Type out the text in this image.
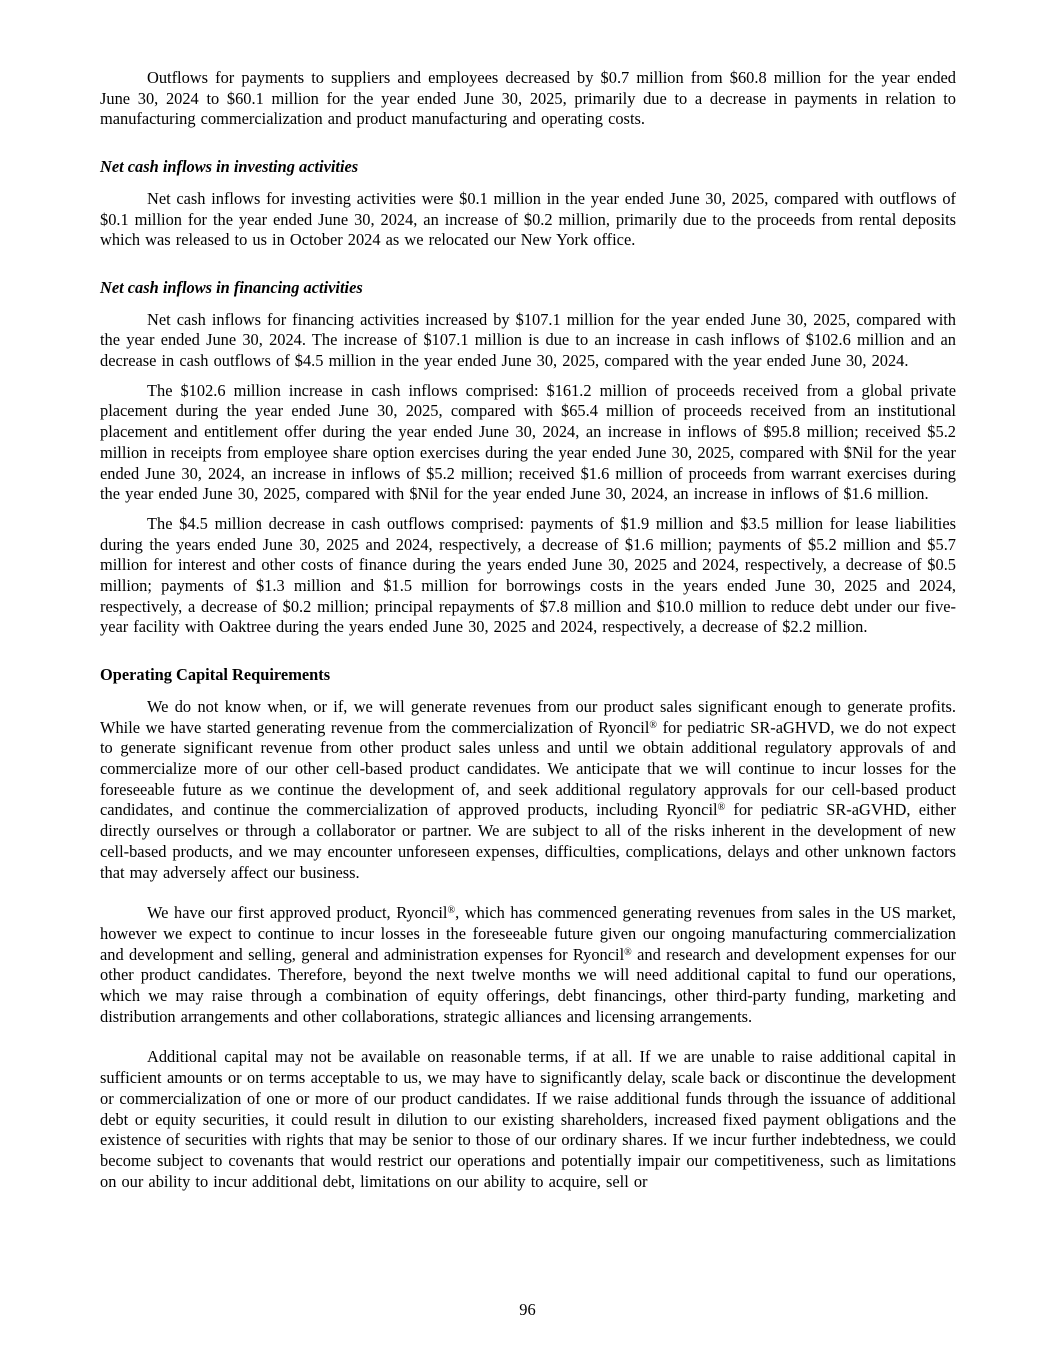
Outflows for payments to suppliers and employees decreased by $0.7 million from $60.8 million for the year ended June 30, 2024 to $60.1 million for the year ended June 30, 2025, primarily due to a decrease in payments in relation to manufacturing commercialization and product manufacturing and operating costs.

Net cash inflows in investing activities

Net cash inflows for investing activities were $0.1 million in the year ended June 30, 2025, compared with outflows of $0.1 million for the year ended June 30, 2024, an increase of $0.2 million, primarily due to the proceeds from rental deposits which was released to us in October 2024 as we relocated our New York office.

Net cash inflows in financing activities

Net cash inflows for financing activities increased by $107.1 million for the year ended June 30, 2025, compared with the year ended June 30, 2024. The increase of $107.1 million is due to an increase in cash inflows of $102.6 million and an decrease in cash outflows of $4.5 million in the year ended June 30, 2025, compared with the year ended June 30, 2024.

The $102.6 million increase in cash inflows comprised: $161.2 million of proceeds received from a global private placement during the year ended June 30, 2025, compared with $65.4 million of proceeds received from an institutional placement and entitlement offer during the year ended June 30, 2024, an increase in inflows of $95.8 million; received $5.2 million in receipts from employee share option exercises during the year ended June 30, 2025, compared with $Nil for the year ended June 30, 2024, an increase in inflows of $5.2 million; received $1.6 million of proceeds from warrant exercises during the year ended June 30, 2025, compared with $Nil for the year ended June 30, 2024, an increase in inflows of $1.6 million.

The $4.5 million decrease in cash outflows comprised: payments of $1.9 million and $3.5 million for lease liabilities during the years ended June 30, 2025 and 2024, respectively, a decrease of $1.6 million; payments of $5.2 million and $5.7 million for interest and other costs of finance during the years ended June 30, 2025 and 2024, respectively, a decrease of $0.5 million; payments of $1.3 million and $1.5 million for borrowings costs in the years ended June 30, 2025 and 2024, respectively, a decrease of $0.2 million; principal repayments of $7.8 million and $10.0 million to reduce debt under our five-year facility with Oaktree during the years ended June 30, 2025 and 2024, respectively, a decrease of $2.2 million.

Operating Capital Requirements

We do not know when, or if, we will generate revenues from our product sales significant enough to generate profits. While we have started generating revenue from the commercialization of Ryoncil® for pediatric SR-aGHVD, we do not expect to generate significant revenue from other product sales unless and until we obtain additional regulatory approvals of and commercialize more of our other cell-based product candidates. We anticipate that we will continue to incur losses for the foreseeable future as we continue the development of, and seek additional regulatory approvals for our cell-based product candidates, and continue the commercialization of approved products, including Ryoncil® for pediatric SR-aGVHD, either directly ourselves or through a collaborator or partner. We are subject to all of the risks inherent in the development of new cell-based products, and we may encounter unforeseen expenses, difficulties, complications, delays and other unknown factors that may adversely affect our business.

We have our first approved product, Ryoncil®, which has commenced generating revenues from sales in the US market, however we expect to continue to incur losses in the foreseeable future given our ongoing manufacturing commercialization and development and selling, general and administration expenses for Ryoncil® and research and development expenses for our other product candidates. Therefore, beyond the next twelve months we will need additional capital to fund our operations, which we may raise through a combination of equity offerings, debt financings, other third-party funding, marketing and distribution arrangements and other collaborations, strategic alliances and licensing arrangements.

Additional capital may not be available on reasonable terms, if at all. If we are unable to raise additional capital in sufficient amounts or on terms acceptable to us, we may have to significantly delay, scale back or discontinue the development or commercialization of one or more of our product candidates. If we raise additional funds through the issuance of additional debt or equity securities, it could result in dilution to our existing shareholders, increased fixed payment obligations and the existence of securities with rights that may be senior to those of our ordinary shares. If we incur further indebtedness, we could become subject to covenants that would restrict our operations and potentially impair our competitiveness, such as limitations on our ability to incur additional debt, limitations on our ability to acquire, sell or

96
